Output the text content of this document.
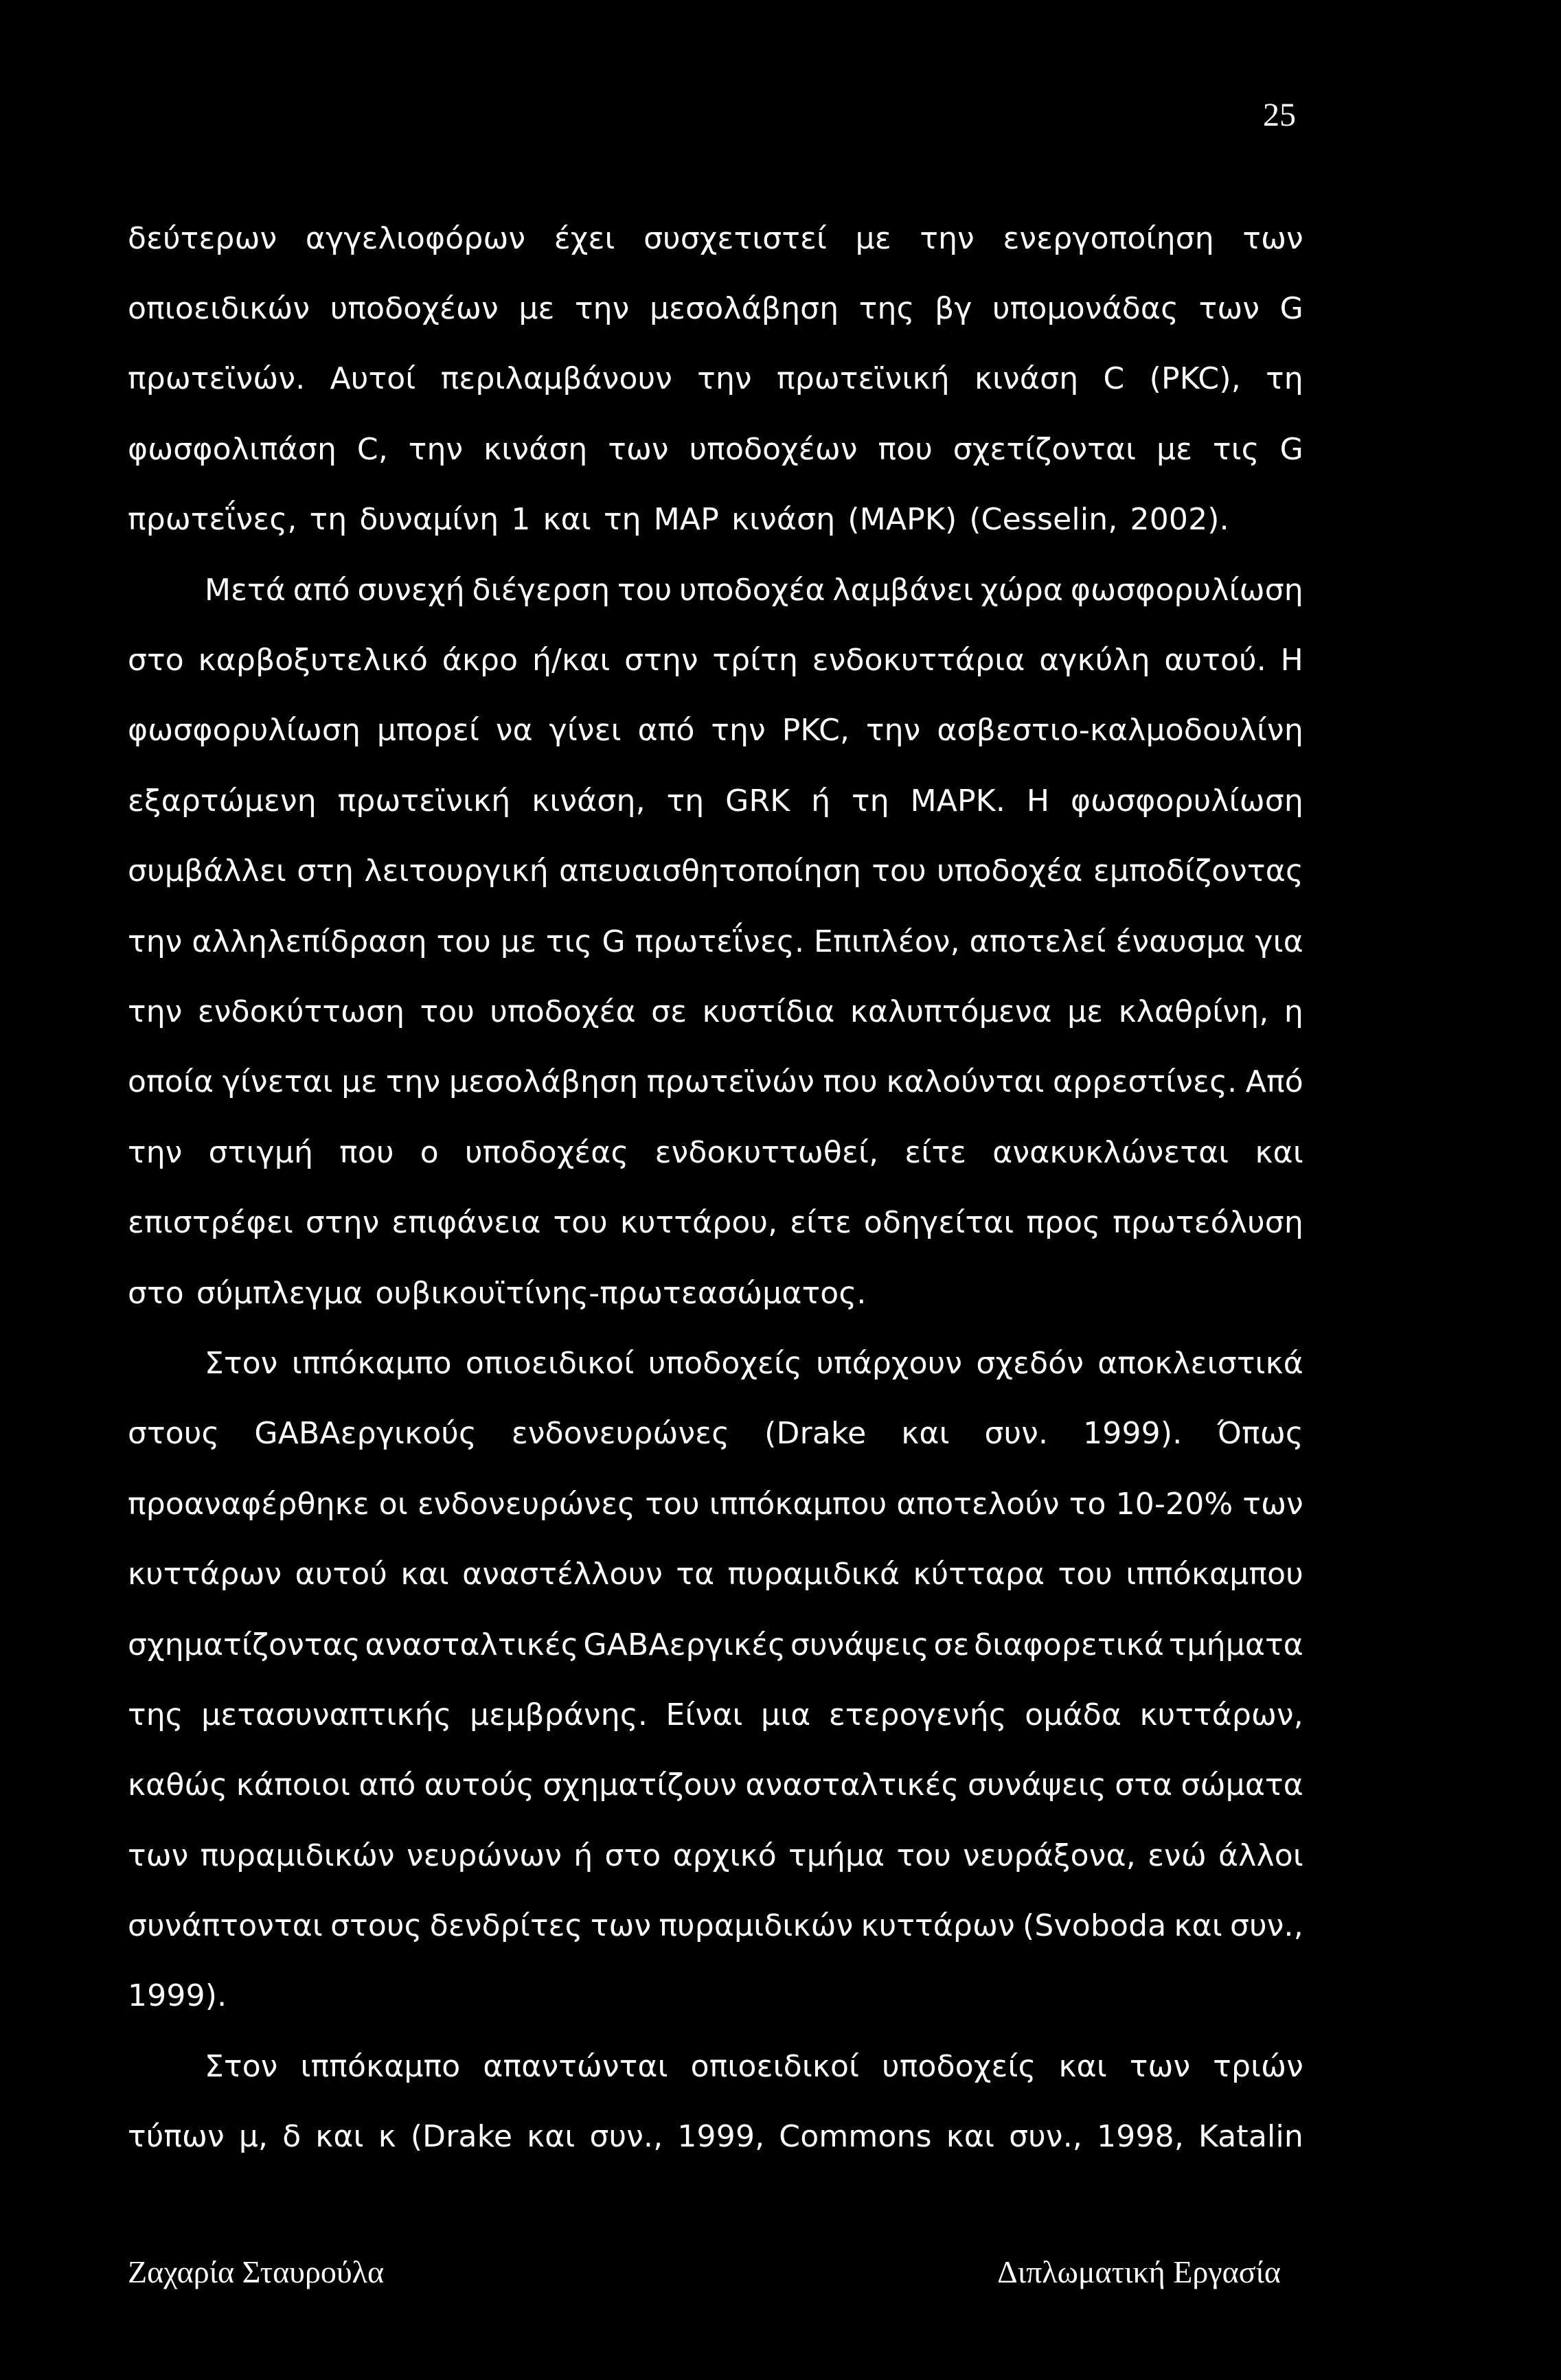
25
δεύτερων αγγελιοφόρων έχει συσχετιστεί με την ενεργοποίηση των
οπιοειδικών υποδοχέων με την μεσολάβηση της βγ υπομονάδας των G
πρωτεϊνών. Αυτοί περιλαμβάνουν την πρωτεϊνική κινάση C (PKC), τη
φωσφολιπάση C, την κινάση των υποδοχέων που σχετίζονται με τις G
πρωτεΐνες, τη δυναμίνη 1 και τη MAP κινάση (MAPK) (Cesselin, 2002).
Μετά από συνεχή διέγερση του υποδοχέα λαμβάνει χώρα φωσφορυλίωση
στο καρβοξυτελικό άκρο ή/και στην τρίτη ενδοκυττάρια αγκύλη αυτού. Η
φωσφορυλίωση μπορεί να γίνει από την PKC, την ασβεστιο-καλμοδουλίνη
εξαρτώμενη πρωτεϊνική κινάση, τη GRK ή τη MAPK. Η φωσφορυλίωση
συμβάλλει στη λειτουργική απευαισθητοποίηση του υποδοχέα εμποδίζοντας
την αλληλεπίδραση του με τις G πρωτεΐνες. Επιπλέον, αποτελεί έναυσμα για
την ενδοκύττωση του υποδοχέα σε κυστίδια καλυπτόμενα με κλαθρίνη, η
οποία γίνεται με την μεσολάβηση πρωτεϊνών που καλούνται αρρεστίνες. Από
την στιγμή που ο υποδοχέας ενδοκυττωθεί, είτε ανακυκλώνεται και
επιστρέφει στην επιφάνεια του κυττάρου, είτε οδηγείται προς πρωτεόλυση
στο σύμπλεγμα ουβικουϊτίνης-πρωτεασώματος.
Στον ιππόκαμπο οπιοειδικοί υποδοχείς υπάρχουν σχεδόν αποκλειστικά
στους GABAεργικούς ενδονευρώνες (Drake και συν. 1999). Όπως
προαναφέρθηκε οι ενδονευρώνες του ιππόκαμπου αποτελούν το 10-20% των
κυττάρων αυτού και αναστέλλουν τα πυραμιδικά κύτταρα του ιππόκαμπου
σχηματίζοντας ανασταλτικές GABAεργικές συνάψεις σε διαφορετικά τμήματα
της μετασυναπτικής μεμβράνης. Είναι μια ετερογενής ομάδα κυττάρων,
καθώς κάποιοι από αυτούς σχηματίζουν ανασταλτικές συνάψεις στα σώματα
των πυραμιδικών νευρώνων ή στο αρχικό τμήμα του νευράξονα, ενώ άλλοι
συνάπτονται στους δενδρίτες των πυραμιδικών κυττάρων (Svoboda και συν.,
1999).
Στον ιππόκαμπο απαντώνται οπιοειδικοί υποδοχείς και των τριών
τύπων μ, δ και κ (Drake και συν., 1999, Commons και συν., 1998, Katalin
Ζαχαρία Σταυρούλα	Διπλωματική Εργασία
